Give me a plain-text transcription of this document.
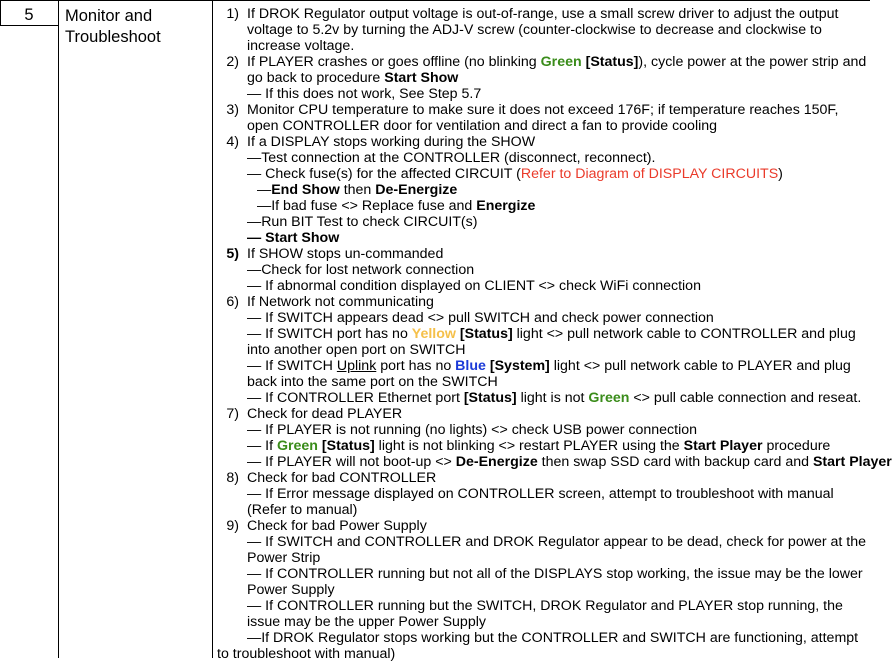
5	Monitor and Troubleshoot
1) If DROK Regulator output voltage is out-of-range, use a small screw driver to adjust the output voltage to 5.2v by turning the ADJ-V screw (counter-clockwise to decrease and clockwise to increase voltage.
2) If PLAYER crashes or goes offline (no blinking Green [Status]), cycle power at the power strip and go back to procedure Start Show
— If this does not work, See Step 5.7
3) Monitor CPU temperature to make sure it does not exceed 176F; if temperature reaches 150F, open CONTROLLER door for ventilation and direct a fan to provide cooling
4) If a DISPLAY stops working during the SHOW
—Test connection at the CONTROLLER (disconnect, reconnect).
— Check fuse(s) for the affected CIRCUIT (Refer to Diagram of DISPLAY CIRCUITS)
—End Show then De-Energize
—If bad fuse <> Replace fuse and Energize
—Run BIT Test to check CIRCUIT(s)
— Start Show
5) If SHOW stops un-commanded
—Check for lost network connection
— If abnormal condition displayed on CLIENT <> check WiFi connection
6) If Network not communicating
— If SWITCH appears dead <> pull SWITCH and check power connection
— If SWITCH port has no Yellow [Status] light <> pull network cable to CONTROLLER and plug into another open port on SWITCH
— If SWITCH Uplink port has no Blue [System] light <> pull network cable to PLAYER and plug back into the same port on the SWITCH
— If CONTROLLER Ethernet port [Status] light is not Green <> pull cable connection and reseat.
7) Check for dead PLAYER
— If PLAYER is not running (no lights) <> check USB power connection
— If Green [Status] light is not blinking <> restart PLAYER using the Start Player procedure
— If PLAYER will not boot-up <> De-Energize then swap SSD card with backup card and Start Player
8) Check for bad CONTROLLER
— If Error message displayed on CONTROLLER screen, attempt to troubleshoot with manual (Refer to manual)
9) Check for bad Power Supply
— If SWITCH and CONTROLLER and DROK Regulator appear to be dead, check for power at the Power Strip
— If CONTROLLER running but not all of the DISPLAYS stop working, the issue may be the lower Power Supply
— If CONTROLLER running but the SWITCH, DROK Regulator and PLAYER stop running, the issue may be the upper Power Supply
—If DROK Regulator stops working but the CONTROLLER and SWITCH are functioning, attempt to troubleshoot with manual)
